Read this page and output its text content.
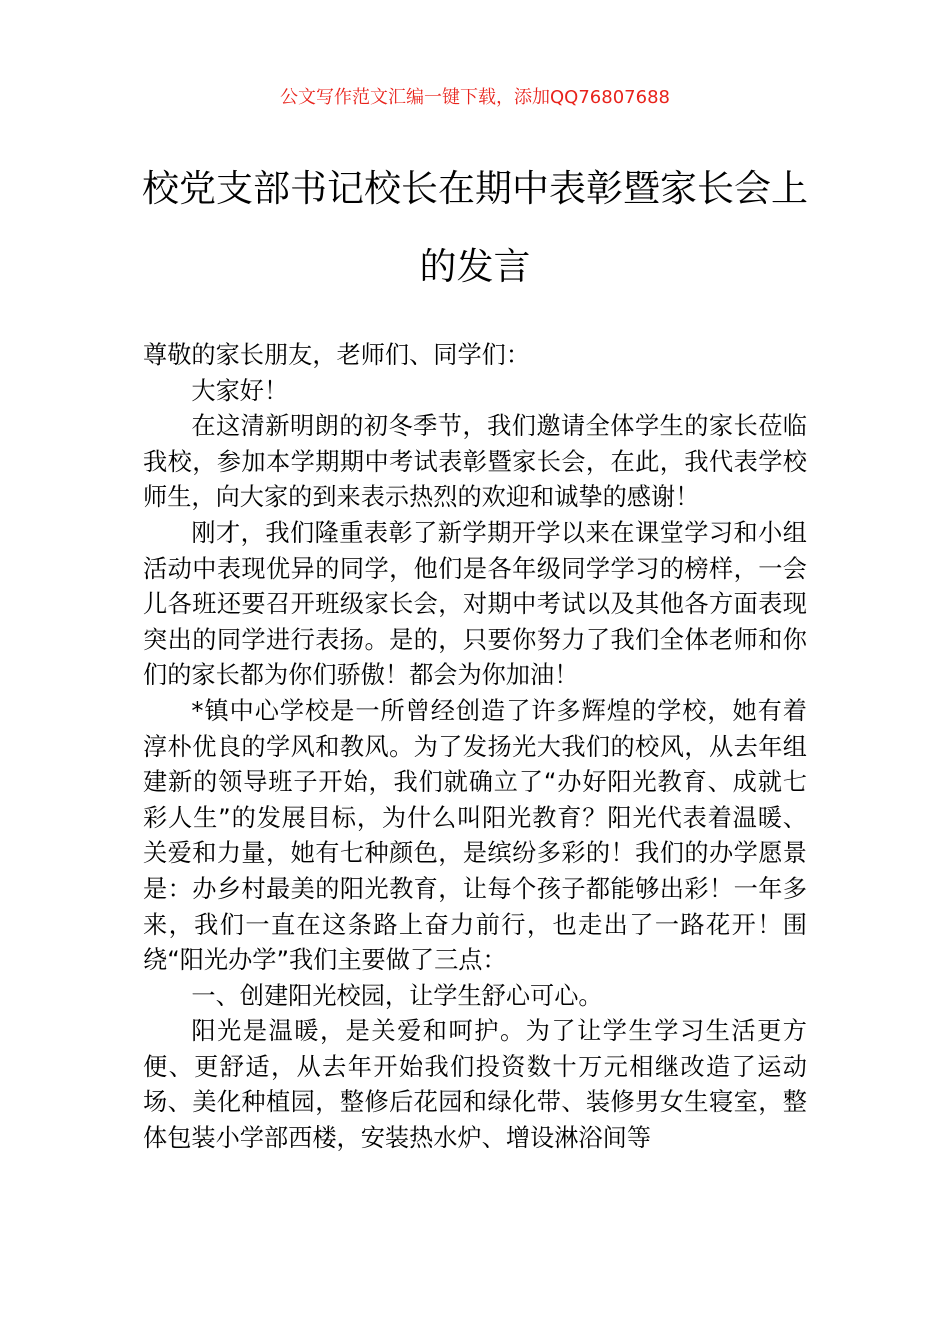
公文写作范文汇编一键下载，添加QQ76807688
校党支部书记校长在期中表彰暨家长会上
的发言

尊敬的家长朋友，老师们、同学们：

大家好！

在这清新明朗的初冬季节，我们邀请全体学生的家长莅临我校，参加本学期期中考试表彰暨家长会，在此，我代表学校师生，向大家的到来表示热烈的欢迎和诚挚的感谢！

刚才，我们隆重表彰了新学期开学以来在课堂学习和小组活动中表现优异的同学，他们是各年级同学学习的榜样，一会儿各班还要召开班级家长会，对期中考试以及其他各方面表现突出的同学进行表扬。是的，只要你努力了我们全体老师和你们的家长都为你们骄傲！都会为你加油！

*镇中心学校是一所曾经创造了许多辉煌的学校，她有着淳朴优良的学风和教风。为了发扬光大我们的校风，从去年组建新的领导班子开始，我们就确立了“办好阳光教育、成就七彩人生”的发展目标，为什么叫阳光教育？阳光代表着温暖、关爱和力量，她有七种颜色，是缤纷多彩的！我们的办学愿景是：办乡村最美的阳光教育，让每个孩子都能够出彩！一年多来，我们一直在这条路上奋力前行，也走出了一路花开！围绕“阳光办学”我们主要做了三点：

一、创建阳光校园，让学生舒心可心。

阳光是温暖，是关爱和呵护。为了让学生学习生活更方便、更舒适，从去年开始我们投资数十万元相继改造了运动场、美化种植园，整修后花园和绿化带、装修男女生寝室，整体包装小学部西楼，安装热水炉、增设淋浴间等
